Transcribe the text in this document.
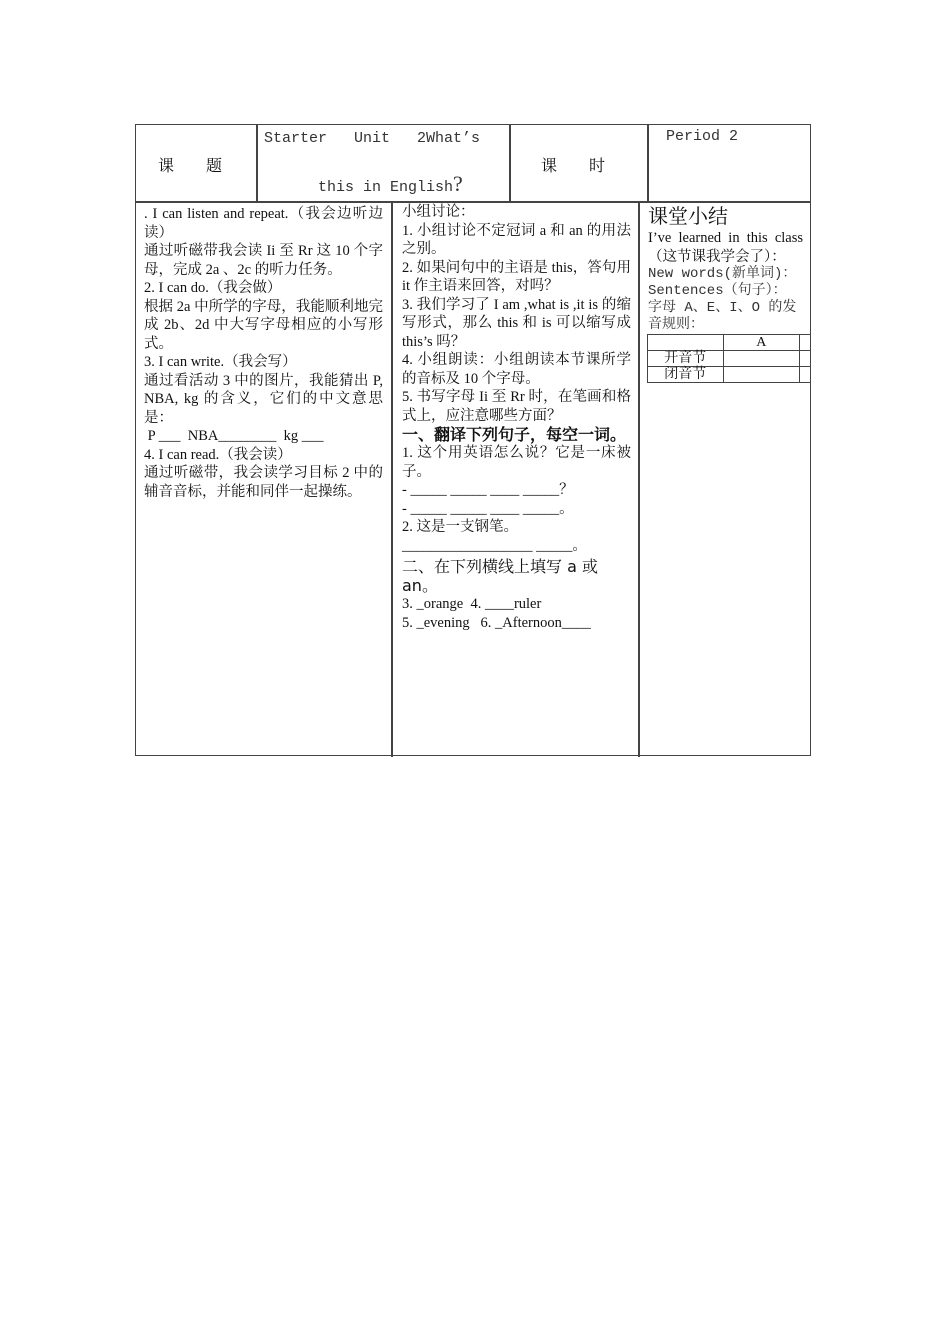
课　　题
Starter   Unit   2What’s

this in English?

课　　时
Period 2

. I can listen and repeat.（我会边听边读）

通过听磁带我会读 Ii 至 Rr 这 10 个字母，完成 2a 、2c 的听力任务。

2. I can do.（我会做）

根据 2a 中所学的字母，我能顺利地完成 2b、2d 中大写字母相应的小写形式。

3. I can write.（我会写）

通过看活动 3 中的图片，我能猜出 P, NBA, kg 的含义，它们的中文意思是：

P ___  NBA________  kg ___

4. I can read.（我会读）

通过听磁带，我会读学习目标 2 中的辅音音标，并能和同伴一起操练。

小组讨论：

1. 小组讨论不定冠词 a 和 an 的用法之别。

2. 如果问句中的主语是 this，答句用 it 作主语来回答，对吗？

3. 我们学习了 I am ,what is ,it is 的缩写形式，那么 this 和 is 可以缩写成 this’s 吗？

4. 小组朗读：小组朗读本节课所学的音标及 10 个字母。

5. 书写字母 Ii 至 Rr 时，在笔画和格式上，应注意哪些方面？

一、翻译下列句子，每空一词。

1. 这个用英语怎么说？它是一床被子。

- _____ _____ ____ _____？

- _____ _____ ____ _____。

2. 这是一支钢笔。

__________________ _____。

二、在下列横线上填写 a 或 an。

3. _orange  4. ____ruler

5. _evening   6. _Afternoon____

课堂小结

I’ve learned in this class（这节课我学会了）：

New words(新单词)：

Sentences（句子）：

字母 A、E、I、O 的发音规则：

	A	
开音节		
闭音节		
